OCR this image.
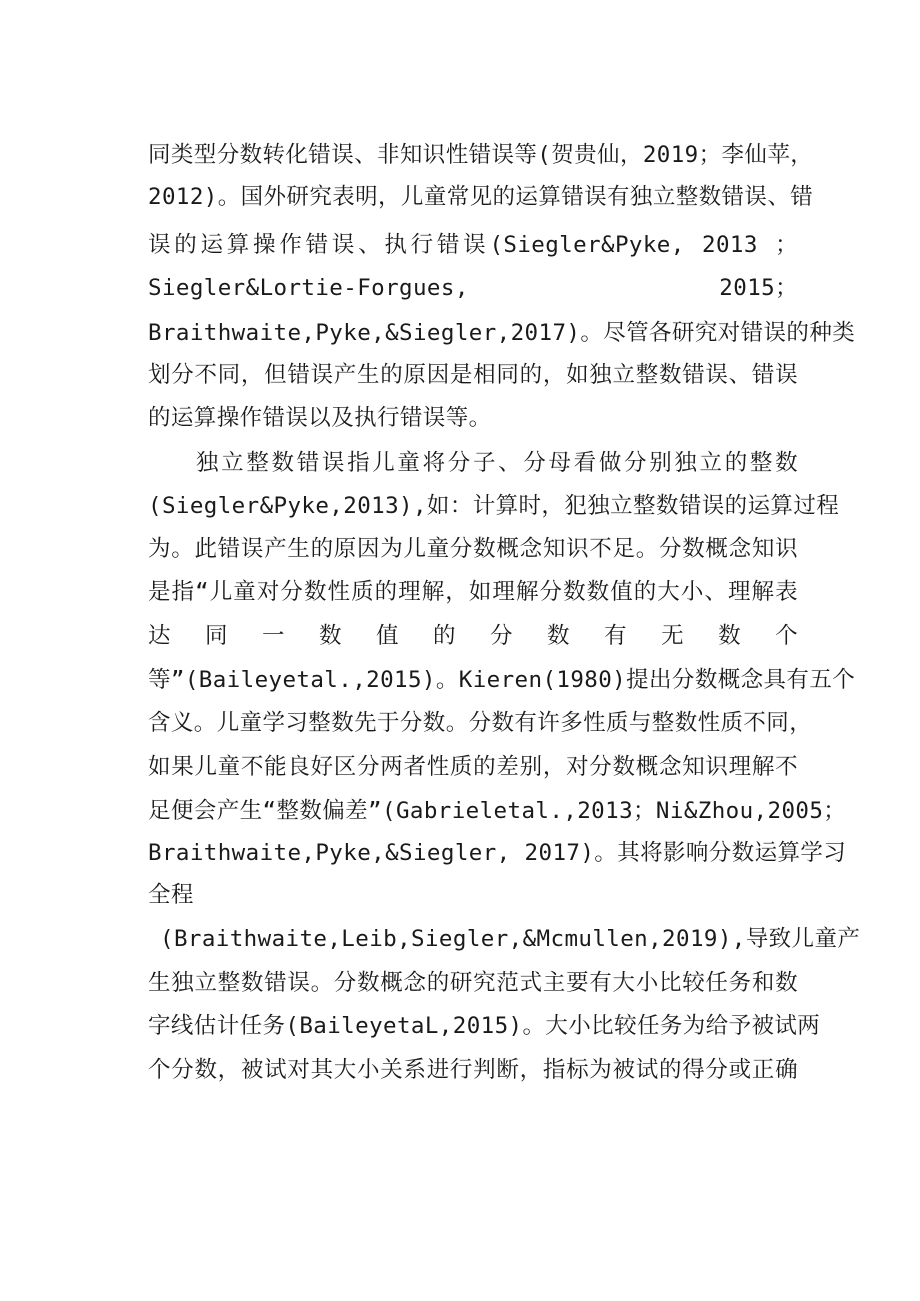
同类型分数转化错误、非知识性错误等(贺贵仙，2019；李仙苹，
2012)。国外研究表明，儿童常见的运算错误有独立整数错误、错
误的运算操作错误、执行错误(Siegler&Pyke, 2013 ；
Siegler&Lortie-Forgues, 2015；
Braithwaite,Pyke,&Siegler,2017)。尽管各研究对错误的种类
划分不同，但错误产生的原因是相同的，如独立整数错误、错误
的运算操作错误以及执行错误等。
独立整数错误指儿童将分子、分母看做分别独立的整数
(Siegler&Pyke,2013),如：计算时，犯独立整数错误的运算过程
为。此错误产生的原因为儿童分数概念知识不足。分数概念知识
是指“儿童对分数性质的理解，如理解分数数值的大小、理解表
达 同 一 数 值 的 分 数 有 无 数 个
等”(Baileyetal.,2015)。Kieren(1980)提出分数概念具有五个
含义。儿童学习整数先于分数。分数有许多性质与整数性质不同，
如果儿童不能良好区分两者性质的差别，对分数概念知识理解不
足便会产生“整数偏差”(Gabrieletal.,2013；Ni&Zhou,2005；
Braithwaite,Pyke,&Siegler, 2017)。其将影响分数运算学习
全程
(Braithwaite,Leib,Siegler,&Mcmullen,2019),导致儿童产
生独立整数错误。分数概念的研究范式主要有大小比较任务和数
字线估计任务(BaileyetaL,2015)。大小比较任务为给予被试两
个分数，被试对其大小关系进行判断，指标为被试的得分或正确
